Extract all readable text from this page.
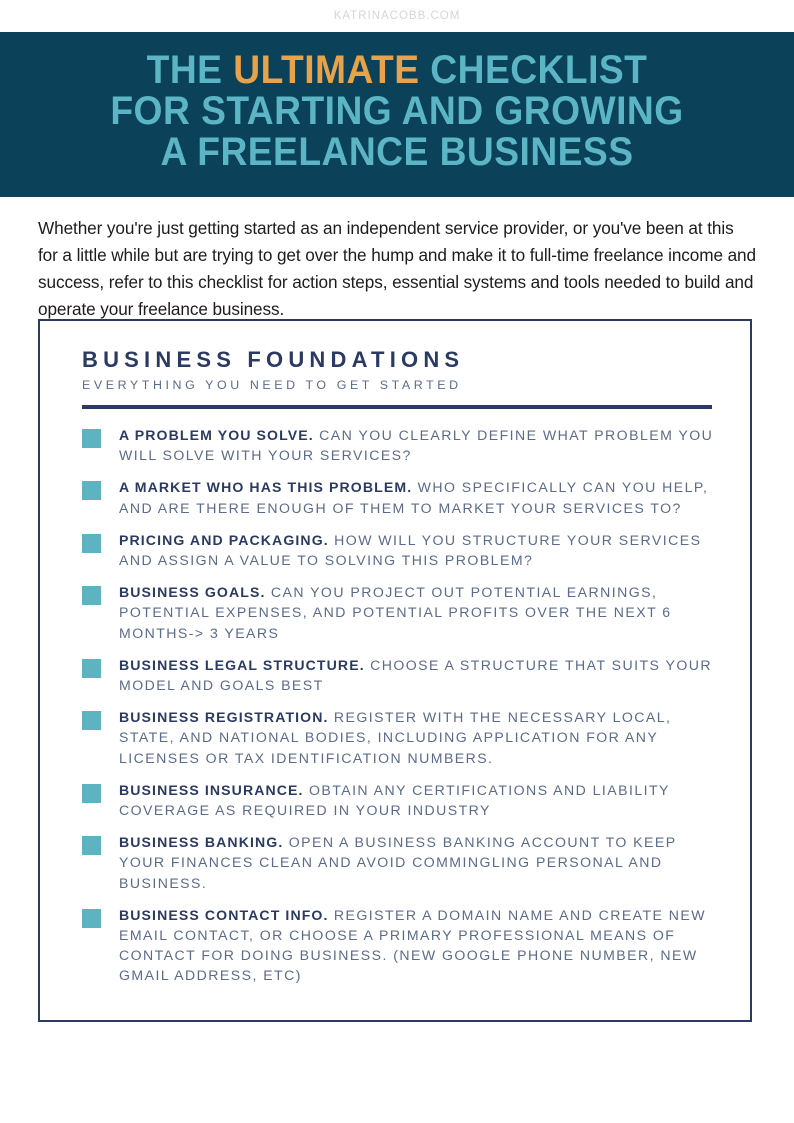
KATRINACOBB.COM
THE ULTIMATE CHECKLIST
FOR STARTING AND GROWING
A FREELANCE BUSINESS
Whether you're just getting started as an independent service provider, or you've been at this for a little while but are trying to get over the hump and make it to full-time freelance income and success, refer to this checklist for action steps, essential systems and tools needed to build and operate your freelance business.
BUSINESS FOUNDATIONS
EVERYTHING YOU NEED TO GET STARTED
A PROBLEM YOU SOLVE. CAN YOU CLEARLY DEFINE WHAT PROBLEM YOU WILL SOLVE WITH YOUR SERVICES?
A MARKET WHO HAS THIS PROBLEM. WHO SPECIFICALLY CAN YOU HELP, AND ARE THERE ENOUGH OF THEM TO MARKET YOUR SERVICES TO?
PRICING AND PACKAGING. HOW WILL YOU STRUCTURE YOUR SERVICES AND ASSIGN A VALUE TO SOLVING THIS PROBLEM?
BUSINESS GOALS. CAN YOU PROJECT OUT POTENTIAL EARNINGS, POTENTIAL EXPENSES, AND POTENTIAL PROFITS OVER THE NEXT 6 MONTHS-> 3 YEARS
BUSINESS LEGAL STRUCTURE. CHOOSE A STRUCTURE THAT SUITS YOUR MODEL AND GOALS BEST
BUSINESS REGISTRATION. REGISTER WITH THE NECESSARY LOCAL, STATE, AND NATIONAL BODIES, INCLUDING APPLICATION FOR ANY LICENSES OR TAX IDENTIFICATION NUMBERS.
BUSINESS INSURANCE. OBTAIN ANY CERTIFICATIONS AND LIABILITY COVERAGE AS REQUIRED IN YOUR INDUSTRY
BUSINESS BANKING. OPEN A BUSINESS BANKING ACCOUNT TO KEEP YOUR FINANCES CLEAN AND AVOID COMMINGLING PERSONAL AND BUSINESS.
BUSINESS CONTACT INFO. REGISTER A DOMAIN NAME AND CREATE NEW EMAIL CONTACT, OR CHOOSE A PRIMARY PROFESSIONAL MEANS OF CONTACT FOR DOING BUSINESS. (NEW GOOGLE PHONE NUMBER, NEW GMAIL ADDRESS, ETC)
